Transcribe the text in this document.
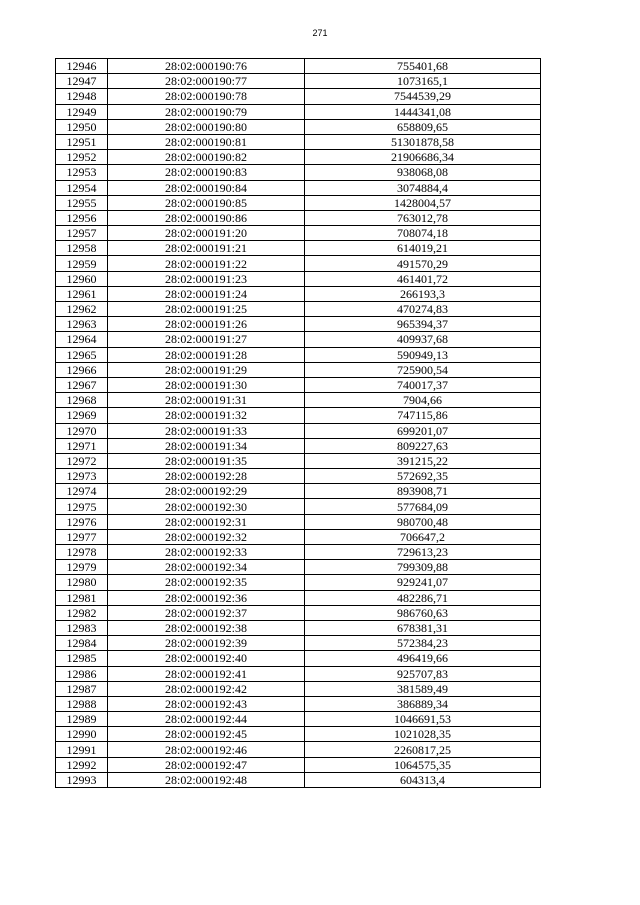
271
12946	28:02:000190:76	755401,68
12947	28:02:000190:77	1073165,1
12948	28:02:000190:78	7544539,29
12949	28:02:000190:79	1444341,08
12950	28:02:000190:80	658809,65
12951	28:02:000190:81	51301878,58
12952	28:02:000190:82	21906686,34
12953	28:02:000190:83	938068,08
12954	28:02:000190:84	3074884,4
12955	28:02:000190:85	1428004,57
12956	28:02:000190:86	763012,78
12957	28:02:000191:20	708074,18
12958	28:02:000191:21	614019,21
12959	28:02:000191:22	491570,29
12960	28:02:000191:23	461401,72
12961	28:02:000191:24	266193,3
12962	28:02:000191:25	470274,83
12963	28:02:000191:26	965394,37
12964	28:02:000191:27	409937,68
12965	28:02:000191:28	590949,13
12966	28:02:000191:29	725900,54
12967	28:02:000191:30	740017,37
12968	28:02:000191:31	7904,66
12969	28:02:000191:32	747115,86
12970	28:02:000191:33	699201,07
12971	28:02:000191:34	809227,63
12972	28:02:000191:35	391215,22
12973	28:02:000192:28	572692,35
12974	28:02:000192:29	893908,71
12975	28:02:000192:30	577684,09
12976	28:02:000192:31	980700,48
12977	28:02:000192:32	706647,2
12978	28:02:000192:33	729613,23
12979	28:02:000192:34	799309,88
12980	28:02:000192:35	929241,07
12981	28:02:000192:36	482286,71
12982	28:02:000192:37	986760,63
12983	28:02:000192:38	678381,31
12984	28:02:000192:39	572384,23
12985	28:02:000192:40	496419,66
12986	28:02:000192:41	925707,83
12987	28:02:000192:42	381589,49
12988	28:02:000192:43	386889,34
12989	28:02:000192:44	1046691,53
12990	28:02:000192:45	1021028,35
12991	28:02:000192:46	2260817,25
12992	28:02:000192:47	1064575,35
12993	28:02:000192:48	604313,4
